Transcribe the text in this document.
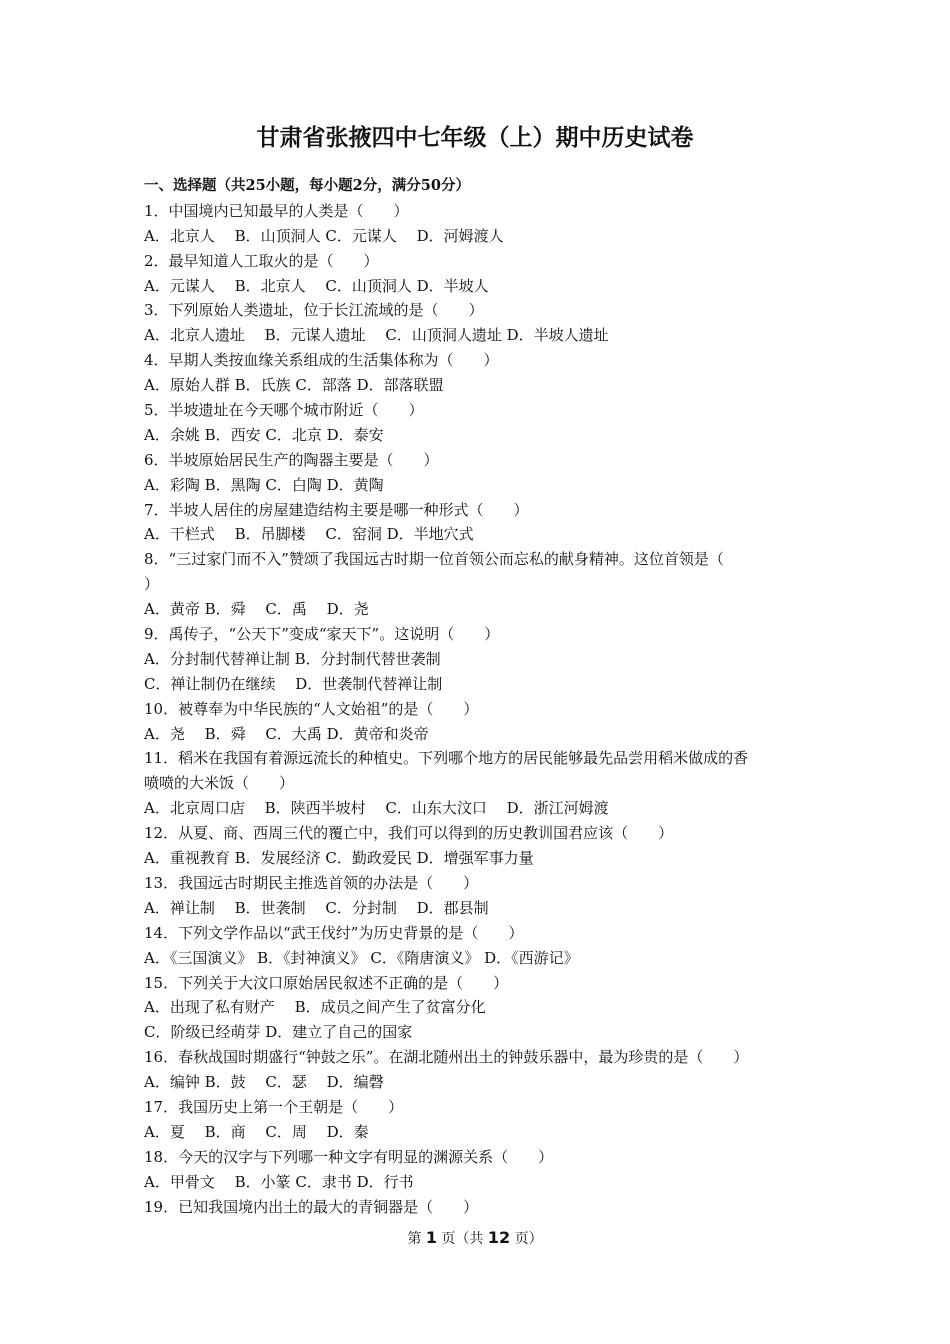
甘肃省张掖四中七年级（上）期中历史试卷
一、选择题（共25小题，每小题2分，满分50分）
1．中国境内已知最早的人类是（　　）
A．北京人　 B．山顶洞人 C．元谋人　 D．河姆渡人
2．最早知道人工取火的是（　　）
A．元谋人　 B．北京人　 C．山顶洞人 D．半坡人
3．下列原始人类遗址，位于长江流域的是（　　）
A．北京人遗址　 B．元谋人遗址　 C．山顶洞人遗址 D．半坡人遗址
4．早期人类按血缘关系组成的生活集体称为（　　）
A．原始人群 B．氏族 C．部落 D．部落联盟
5．半坡遗址在今天哪个城市附近（　　）
A．余姚 B．西安 C．北京 D．泰安
6．半坡原始居民生产的陶器主要是（　　）
A．彩陶 B．黑陶 C．白陶 D．黄陶
7．半坡人居住的房屋建造结构主要是哪一种形式（　　）
A．干栏式　 B．吊脚楼　 C．窑洞 D．半地穴式
8．“三过家门而不入”赞颂了我国远古时期一位首领公而忘私的献身精神。这位首领是（
）
A．黄帝 B．舜　 C．禹　 D．尧
9．禹传子，“公天下”变成“家天下”。这说明（　　）
A．分封制代替禅让制 B．分封制代替世袭制
C．禅让制仍在继续　 D．世袭制代替禅让制
10．被尊奉为中华民族的“人文始祖”的是（　　）
A．尧　 B．舜　 C．大禹 D．黄帝和炎帝
11．稻米在我国有着源远流长的种植史。下列哪个地方的居民能够最先品尝用稻米做成的香
喷喷的大米饭（　　）
A．北京周口店　 B．陕西半坡村　 C．山东大汶口　 D．浙江河姆渡
12．从夏、商、西周三代的覆亡中，我们可以得到的历史教训国君应该（　　）
A．重视教育 B．发展经济 C．勤政爱民 D．增强军事力量
13．我国远古时期民主推选首领的办法是（　　）
A．禅让制　 B．世袭制　 C．分封制　 D．郡县制
14．下列文学作品以“武王伐纣”为历史背景的是（　　）
A．《三国演义》 B．《封神演义》 C．《隋唐演义》 D．《西游记》
15．下列关于大汶口原始居民叙述不正确的是（　　）
A．出现了私有财产　 B．成员之间产生了贫富分化
C．阶级已经萌芽 D．建立了自己的国家
16．春秋战国时期盛行“钟鼓之乐”。在湖北随州出土的钟鼓乐器中，最为珍贵的是（　　）
A．编钟 B．鼓　 C．瑟　 D．编磬
17．我国历史上第一个王朝是（　　）
A．夏　 B．商　 C．周　 D．秦
18．今天的汉字与下列哪一种文字有明显的渊源关系（　　）
A．甲骨文　 B．小篆 C．隶书 D．行书
19．已知我国境内出土的最大的青铜器是（　　）
第 1 页（共 12 页）
